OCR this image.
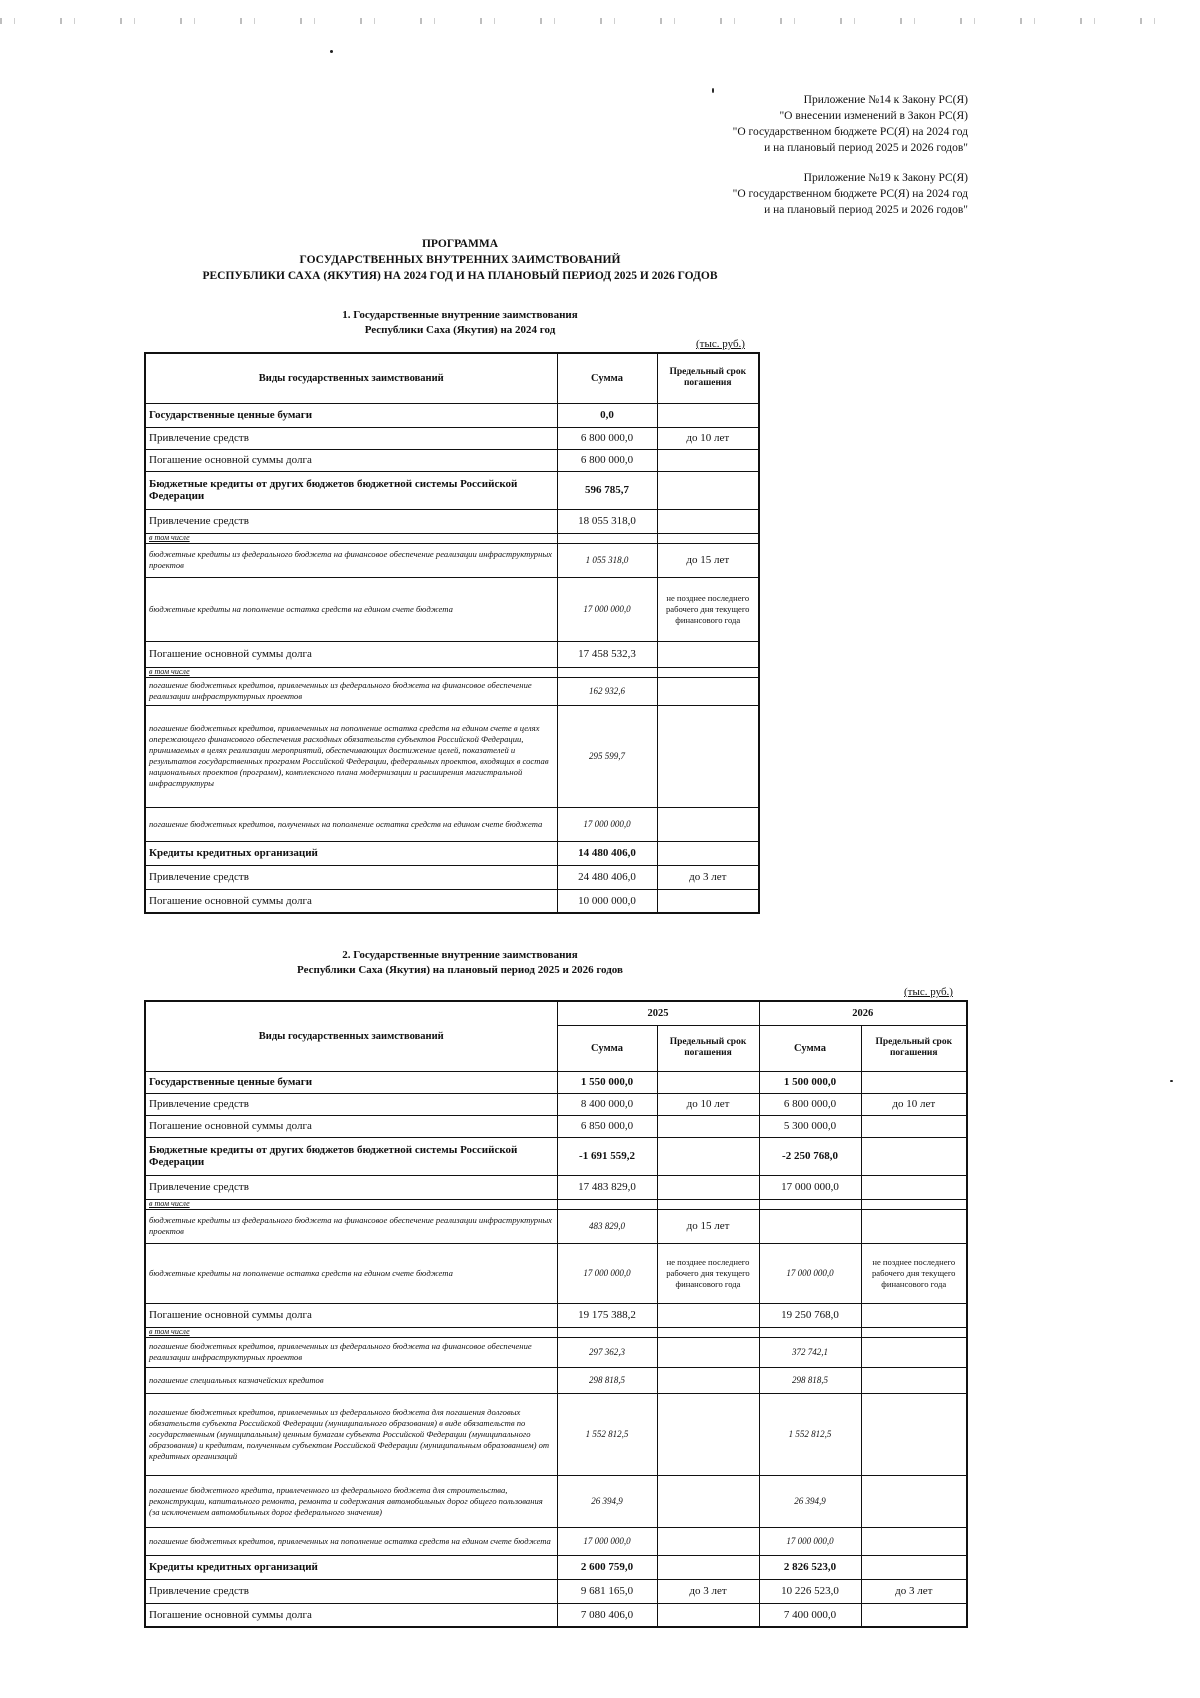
Приложение №14 к Закону РС(Я)
"О внесении изменений в Закон РС(Я)
"О государственном бюджете РС(Я) на 2024 год
и на плановый период 2025 и 2026 годов"
Приложение №19 к Закону РС(Я)
"О государственном бюджете РС(Я) на 2024 год
и на плановый период 2025 и 2026 годов"
ПРОГРАММА
ГОСУДАРСТВЕННЫХ ВНУТРЕННИХ ЗАИМСТВОВАНИЙ
РЕСПУБЛИКИ САХА (ЯКУТИЯ) НА 2024 ГОД И НА ПЛАНОВЫЙ ПЕРИОД 2025 И 2026 ГОДОВ
1. Государственные внутренние заимствования
Республики Саха (Якутия) на 2024 год
(тыс. руб.)
Виды государственных заимствований	Сумма	Предельный срок погашения
Государственные ценные бумаги	0,0	
Привлечение средств	6 800 000,0	до 10 лет
Погашение основной суммы долга	6 800 000,0	
Бюджетные кредиты от других бюджетов бюджетной системы Российской Федерации	596 785,7	
Привлечение средств	18 055 318,0	
в том числе		
бюджетные кредиты из федерального бюджета на финансовое обеспечение реализации инфраструктурных проектов	1 055 318,0	до 15 лет
бюджетные кредиты на пополнение остатка средств на едином счете бюджета	17 000 000,0	не позднее последнего рабочего дня текущего финансового года
Погашение основной суммы долга	17 458 532,3	
в том числе		
погашение бюджетных кредитов, привлеченных из федерального бюджета на финансовое обеспечение реализации инфраструктурных проектов	162 932,6	
погашение бюджетных кредитов, привлеченных на пополнение остатка средств на едином счете в целях опережающего финансового обеспечения расходных обязательств субъектов Российской Федерации, принимаемых в целях реализации мероприятий, обеспечивающих достижение целей, показателей и результатов государственных программ Российской Федерации, федеральных проектов, входящих в состав национальных проектов (программ), комплексного плана модернизации и расширения магистральной инфраструктуры	295 599,7	
погашение бюджетных кредитов, полученных на пополнение остатка средств на едином счете бюджета	17 000 000,0	
Кредиты кредитных организаций	14 480 406,0	
Привлечение средств	24 480 406,0	до 3 лет
Погашение основной суммы долга	10 000 000,0	
2. Государственные внутренние заимствования
Республики Саха (Якутия) на плановый период 2025 и 2026 годов
(тыс. руб.)
Виды государственных заимствований	2025		2026	
	Сумма	Предельный срок погашения	Сумма	Предельный срок погашения
Государственные ценные бумаги	1 550 000,0		1 500 000,0	
Привлечение средств	8 400 000,0	до 10 лет	6 800 000,0	до 10 лет
Погашение основной суммы долга	6 850 000,0		5 300 000,0	
Бюджетные кредиты от других бюджетов бюджетной системы Российской Федерации	-1 691 559,2		-2 250 768,0	
Привлечение средств	17 483 829,0		17 000 000,0	
в том числе				
бюджетные кредиты из федерального бюджета на финансовое обеспечение реализации инфраструктурных проектов	483 829,0	до 15 лет		
бюджетные кредиты на пополнение остатка средств на едином счете бюджета	17 000 000,0	не позднее последнего рабочего дня текущего финансового года	17 000 000,0	не позднее последнего рабочего дня текущего финансового года
Погашение основной суммы долга	19 175 388,2		19 250 768,0	
в том числе				
погашение бюджетных кредитов, привлеченных из федерального бюджета на финансовое обеспечение реализации инфраструктурных проектов	297 362,3		372 742,1	
погашение специальных казначейских кредитов	298 818,5		298 818,5	
погашение бюджетных кредитов, привлеченных из федерального бюджета для погашения долговых обязательств субъекта Российской Федерации (муниципального образования) в виде обязательств по государственным (муниципальным) ценным бумагам субъекта Российской Федерации (муниципального образования) и кредитам, полученным субъектом Российской Федерации (муниципальным образованием) от кредитных организаций	1 552 812,5		1 552 812,5	
погашение бюджетного кредита, привлеченного из федерального бюджета для строительства, реконструкции, капитального ремонта, ремонта и содержания автомобильных дорог общего пользования (за исключением автомобильных дорог федерального значения)	26 394,9		26 394,9	
погашение бюджетных кредитов, привлеченных на пополнение остатка средств на едином счете бюджета	17 000 000,0		17 000 000,0	
Кредиты кредитных организаций	2 600 759,0		2 826 523,0	
Привлечение средств	9 681 165,0	до 3 лет	10 226 523,0	до 3 лет
Погашение основной суммы долга	7 080 406,0		7 400 000,0	
